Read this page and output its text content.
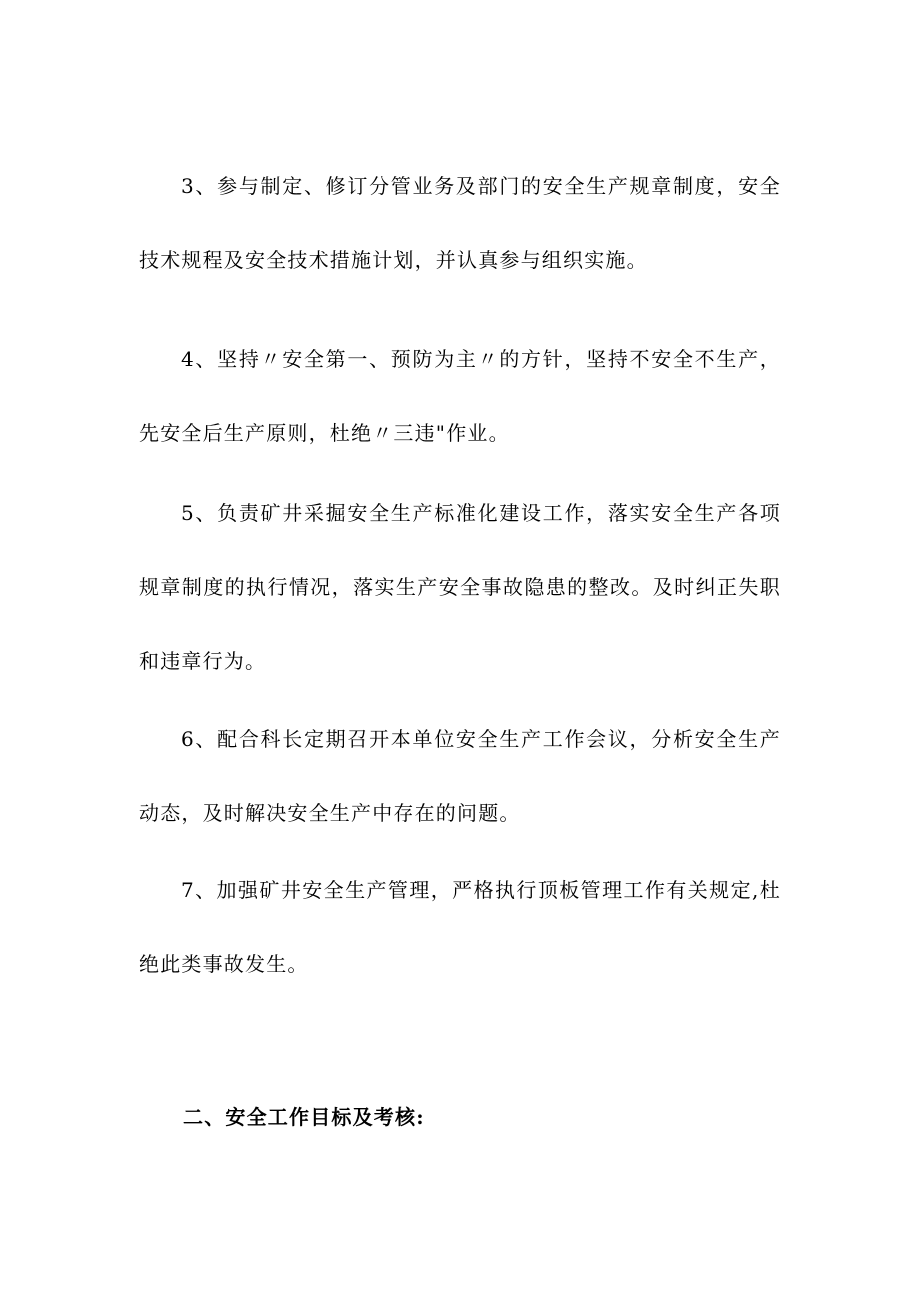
3、参与制定、修订分管业务及部门的安全生产规章制度，安全技术规程及安全技术措施计划，并认真参与组织实施。

4、坚持〃安全第一、预防为主〃的方针，坚持不安全不生产，先安全后生产原则，杜绝〃三违"作业。

5、负责矿井采掘安全生产标准化建设工作，落实安全生产各项规章制度的执行情况，落实生产安全事故隐患的整改。及时纠正失职和违章行为。

6、配合科长定期召开本单位安全生产工作会议，分析安全生产动态，及时解决安全生产中存在的问题。

7、加强矿井安全生产管理，严格执行顶板管理工作有关规定,杜绝此类事故发生。

二、安全工作目标及考核:
